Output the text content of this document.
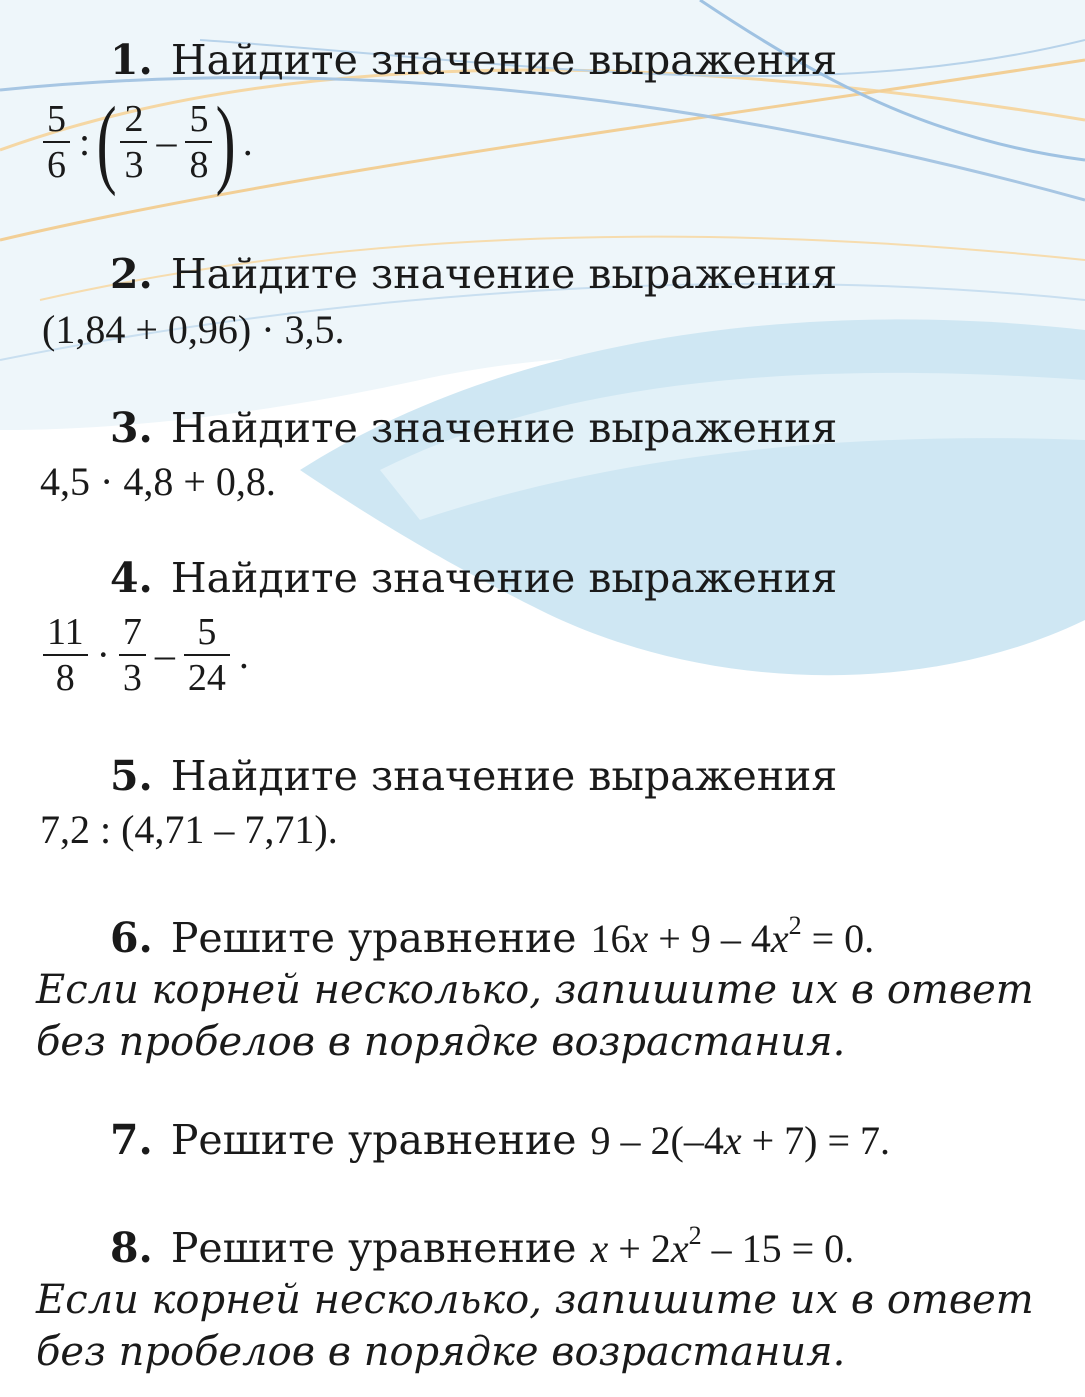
1. Найдите значение выражения
$\frac{5}{6}$ : ( $\frac{2}{3} - \frac{5}{8}$ ) .
2. Найдите значение выражения
(1,84 + 0,96) · 3,5.
3. Найдите значение выражения
4,5 · 4,8 + 0,8.
4. Найдите значение выражения
$\frac{11}{8} \cdot \frac{7}{3} - \frac{5}{24}$ .
5. Найдите значение выражения
7,2 : (4,71 – 7,71).
6. Решите уравнение $16x + 9 - 4x^2 = 0$.
Если корней несколько, запишите их в ответ
без пробелов в порядке возрастания.
7. Решите уравнение 9 – 2(–4x + 7) = 7.
8. Решите уравнение $x + 2x^2 - 15 = 0$.
Если корней несколько, запишите их в ответ
без пробелов в порядке возрастания.
